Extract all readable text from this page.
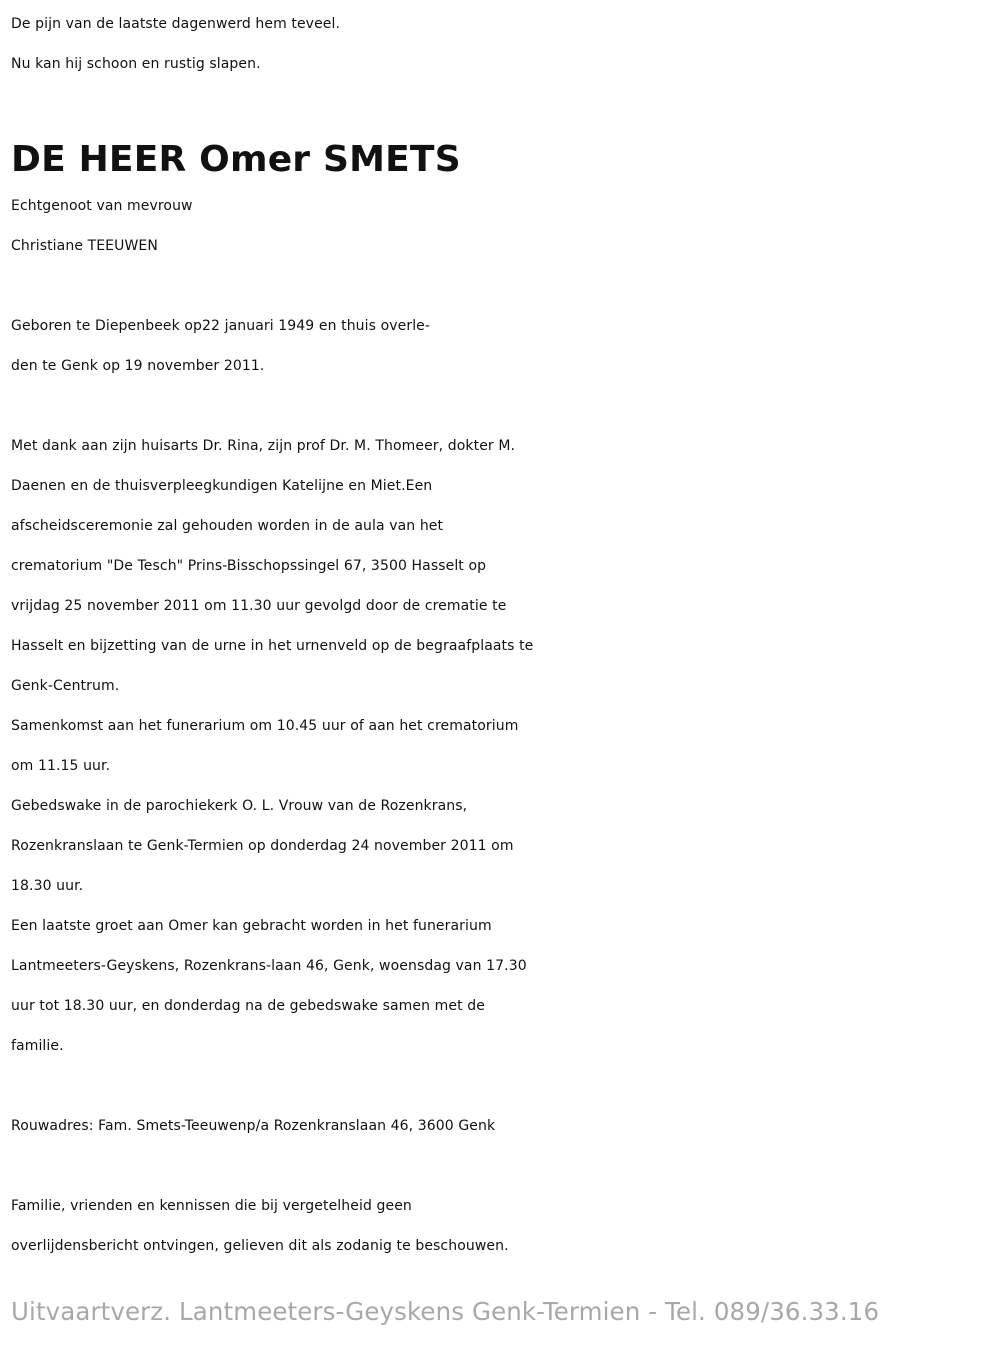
De pijn van de laatste dagenwerd hem teveel.
Nu kan hij schoon en rustig slapen.
DE HEER Omer SMETS
Echtgenoot van mevrouw
Christiane TEEUWEN
Geboren te Diepenbeek op22 januari 1949 en thuis overle-
den te Genk op 19 november 2011.
Met dank aan zijn huisarts Dr. Rina, zijn prof Dr. M. Thomeer, dokter M.
Daenen en de thuisverpleegkundigen Katelijne en Miet.Een
afscheidsceremonie zal gehouden worden in de aula van het
crematorium "De Tesch" Prins-Bisschopssingel 67, 3500 Hasselt op
vrijdag 25 november 2011 om 11.30 uur gevolgd door de crematie te
Hasselt en bijzetting van de urne in het urnenveld op de begraafplaats te
Genk-Centrum.
Samenkomst aan het funerarium om 10.45 uur of aan het crematorium
om 11.15 uur.
Gebedswake in de parochiekerk O. L. Vrouw van de Rozenkrans,
Rozenkranslaan te Genk-Termien op donderdag 24 november 2011 om
18.30 uur.
Een laatste groet aan Omer kan gebracht worden in het funerarium
Lantmeeters-Geyskens, Rozenkrans-laan 46, Genk, woensdag van 17.30
uur tot 18.30 uur, en donderdag na de gebedswake samen met de
familie.
Rouwadres: Fam. Smets-Teeuwenp/a Rozenkranslaan 46, 3600 Genk
Familie, vrienden en kennissen die bij vergetelheid geen
overlijdensbericht ontvingen, gelieven dit als zodanig te beschouwen.
Uitvaartverz. Lantmeeters-Geyskens Genk-Termien - Tel. 089/36.33.16
